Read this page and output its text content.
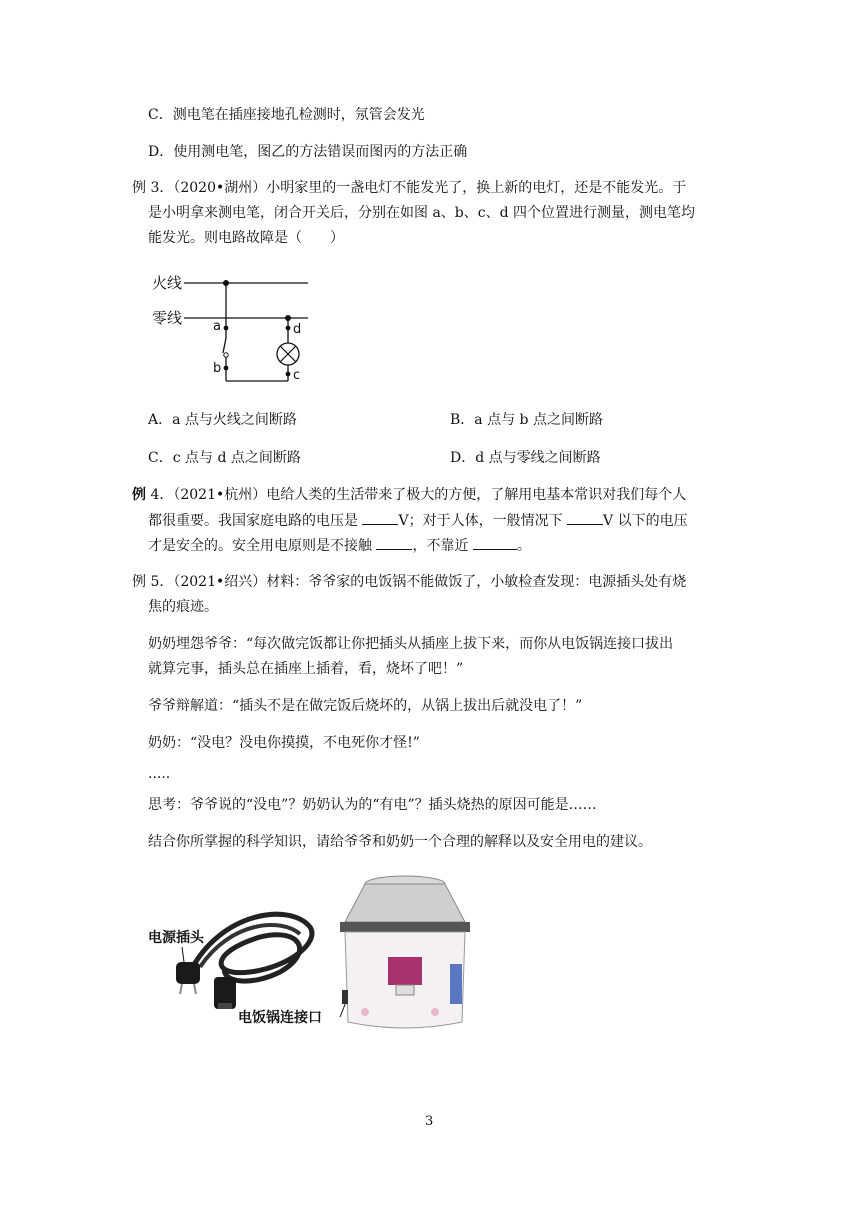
C．测电笔在插座接地孔检测时，氖管会发光
D．使用测电笔，图乙的方法错误而图丙的方法正确
例 3．（2020•湖州）小明家里的一盏电灯不能发光了，换上新的电灯，还是不能发光。于
是小明拿来测电笔，闭合开关后，分别在如图 a、b、c、d 四个位置进行测量，测电笔均
能发光。则电路故障是（　　）
火线
零线 a
b
d
c
A．a 点与火线之间断路	B．a 点与 b 点之间断路
C．c 点与 d 点之间断路	D．d 点与零线之间断路
例 4．（2021•杭州）电给人类的生活带来了极大的方便，了解用电基本常识对我们每个人
都很重要。我国家庭电路的电压是	V；对于人体，一般情况下	V 以下的电压
才是安全的。安全用电原则是不接触	，不靠近	。
例 5．（2021•绍兴）材料：爷爷家的电饭锅不能做饭了，小敏检查发现：电源插头处有烧
焦的痕迹。
奶奶埋怨爷爷：“每次做完饭都让你把插头从插座上拔下来，而你从电饭锅连接口拔出
就算完事，插头总在插座上插着，看，烧坏了吧！”
爷爷辩解道：“插头不是在做完饭后烧坏的，从锅上拔出后就没电了！”
奶奶：“没电？没电你摸摸，不电死你才怪!”
.....
思考：爷爷说的“没电”？奶奶认为的“有电”？插头烧热的原因可能是……
结合你所掌握的科学知识，请给爷爷和奶奶一个合理的解释以及安全用电的建议。
电源插头
电饭锅连接口
3
